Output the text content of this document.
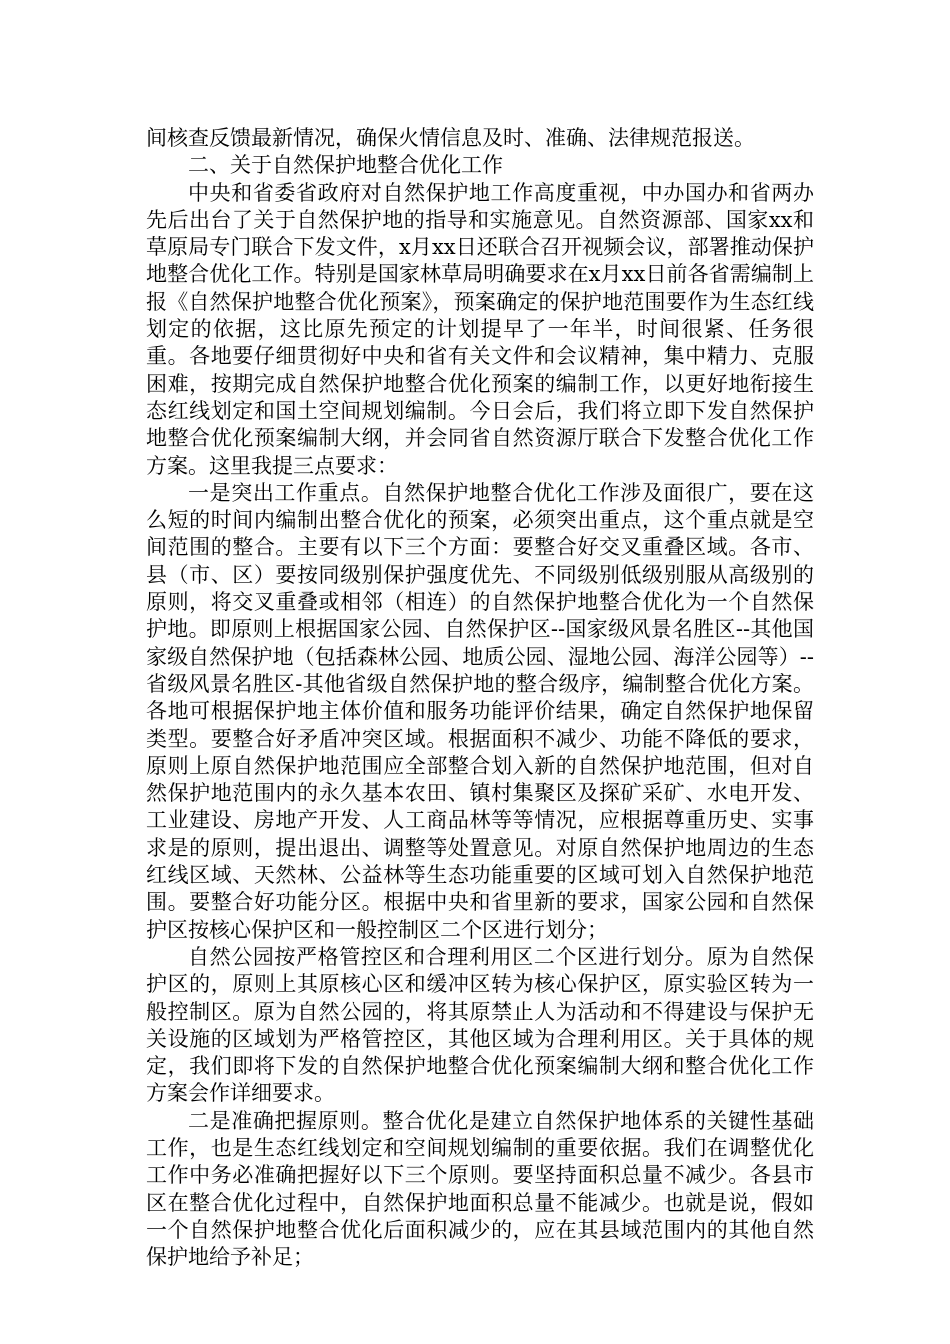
间核查反馈最新情况，确保火情信息及时、准确、法律规范报送。

二、关于自然保护地整合优化工作

中央和省委省政府对自然保护地工作高度重视，中办国办和省两办先后出台了关于自然保护地的指导和实施意见。自然资源部、国家xx和草原局专门联合下发文件，x月xx日还联合召开视频会议，部署推动保护地整合优化工作。特别是国家林草局明确要求在x月xx日前各省需编制上报《自然保护地整合优化预案》，预案确定的保护地范围要作为生态红线划定的依据，这比原先预定的计划提早了一年半，时间很紧、任务很重。各地要仔细贯彻好中央和省有关文件和会议精神，集中精力、克服困难，按期完成自然保护地整合优化预案的编制工作，以更好地衔接生态红线划定和国土空间规划编制。今日会后，我们将立即下发自然保护地整合优化预案编制大纲，并会同省自然资源厅联合下发整合优化工作方案。这里我提三点要求：

一是突出工作重点。自然保护地整合优化工作涉及面很广，要在这么短的时间内编制出整合优化的预案，必须突出重点，这个重点就是空间范围的整合。主要有以下三个方面：要整合好交叉重叠区域。各市、县（市、区）要按同级别保护强度优先、不同级别低级别服从高级别的原则，将交叉重叠或相邻（相连）的自然保护地整合优化为一个自然保护地。即原则上根据国家公园、自然保护区--国家级风景名胜区--其他国家级自然保护地（包括森林公园、地质公园、湿地公园、海洋公园等）--省级风景名胜区-其他省级自然保护地的整合级序，编制整合优化方案。各地可根据保护地主体价值和服务功能评价结果，确定自然保护地保留类型。要整合好矛盾冲突区域。根据面积不减少、功能不降低的要求，原则上原自然保护地范围应全部整合划入新的自然保护地范围，但对自然保护地范围内的永久基本农田、镇村集聚区及探矿采矿、水电开发、工业建设、房地产开发、人工商品林等等情况，应根据尊重历史、实事求是的原则，提出退出、调整等处置意见。对原自然保护地周边的生态红线区域、天然林、公益林等生态功能重要的区域可划入自然保护地范围。要整合好功能分区。根据中央和省里新的要求，国家公园和自然保护区按核心保护区和一般控制区二个区进行划分；

自然公园按严格管控区和合理利用区二个区进行划分。原为自然保护区的，原则上其原核心区和缓冲区转为核心保护区，原实验区转为一般控制区。原为自然公园的，将其原禁止人为活动和不得建设与保护无关设施的区域划为严格管控区，其他区域为合理利用区。关于具体的规定，我们即将下发的自然保护地整合优化预案编制大纲和整合优化工作方案会作详细要求。

二是准确把握原则。整合优化是建立自然保护地体系的关键性基础工作，也是生态红线划定和空间规划编制的重要依据。我们在调整优化工作中务必准确把握好以下三个原则。要坚持面积总量不减少。各县市区在整合优化过程中，自然保护地面积总量不能减少。也就是说，假如一个自然保护地整合优化后面积减少的，应在其县域范围内的其他自然保护地给予补足；
